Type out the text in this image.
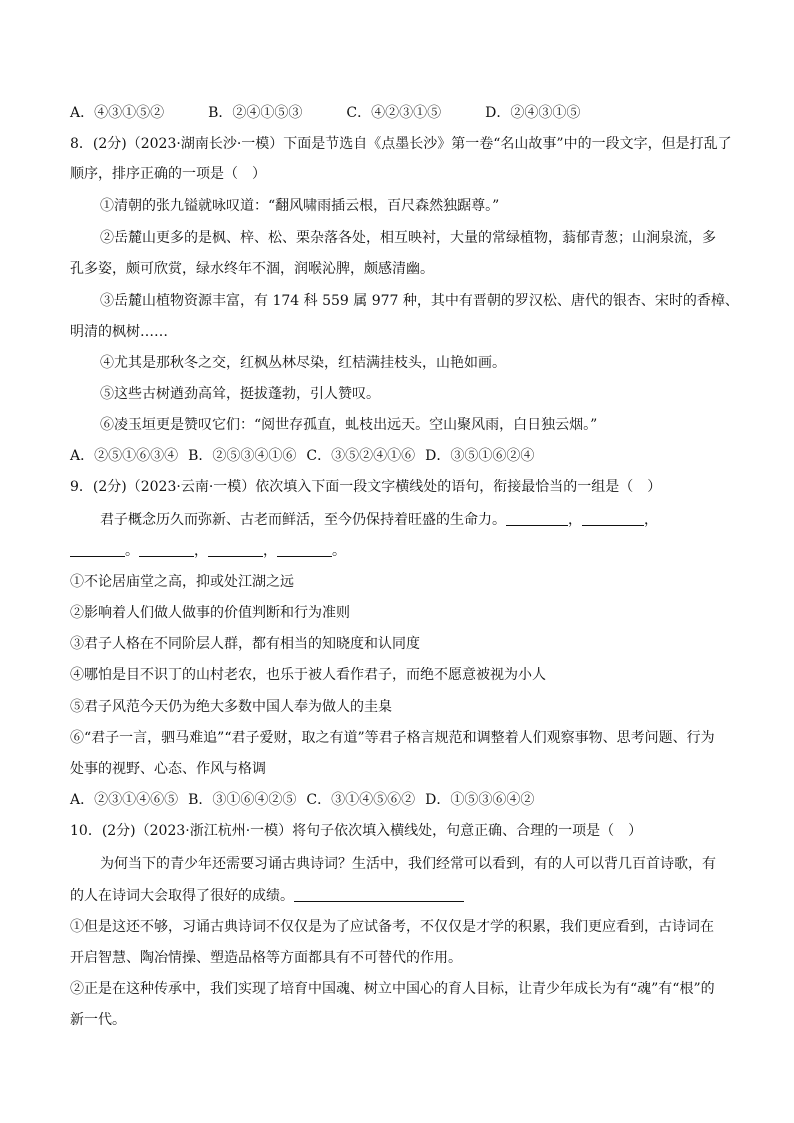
A．④③①⑤②	B．②④①⑤③	C．④②③①⑤	D．②④③①⑤
8．(2分)（2023·湖南长沙·一模）下面是节选自《点墨长沙》第一卷“名山故事”中的一段文字，但是打乱了
顺序，排序正确的一项是（　）
①清朝的张九镒就咏叹道：“翻风啸雨插云根，百尺森然独踞尊。”
②岳麓山更多的是枫、梓、松、栗杂落各处，相互映衬，大量的常绿植物，蓊郁青葱；山涧泉流，多
孔多姿，颇可欣赏，绿水终年不涸，润喉沁脾，颇感清幽。
③岳麓山植物资源丰富，有 174 科 559 属 977 种，其中有晋朝的罗汉松、唐代的银杏、宋时的香樟、
明清的枫树……
④尤其是那秋冬之交，红枫丛林尽染，红桔满挂枝头，山艳如画。
⑤这些古树遒劲高耸，挺拔蓬勃，引人赞叹。
⑥凌玉垣更是赞叹它们：“阅世存孤直，虬枝出远天。空山聚风雨，白日独云烟。”
A．②⑤①⑥③④ B．②⑤③④①⑥ C．③⑤②④①⑥ D．③⑤①⑥②④
9．(2分)（2023·云南·一模）依次填入下面一段文字横线处的语句，衔接最恰当的一组是（　）
君子概念历久而弥新、古老而鲜活，至今仍保持着旺盛的生命力。	，	，
。	，	，	。
①不论居庙堂之高，抑或处江湖之远
②影响着人们做人做事的价值判断和行为准则
③君子人格在不同阶层人群，都有相当的知晓度和认同度
④哪怕是目不识丁的山村老农，也乐于被人看作君子，而绝不愿意被视为小人
⑤君子风范今天仍为绝大多数中国人奉为做人的圭臬
⑥“君子一言，驷马难追”“君子爱财，取之有道”等君子格言规范和调整着人们观察事物、思考问题、行为
处事的视野、心态、作风与格调
A．②③①④⑥⑤ B．③①⑥④②⑤ C．③①④⑤⑥② D．①⑤③⑥④②
10．(2分)（2023·浙江杭州·一模）将句子依次填入横线处，句意正确、合理的一项是（　）
为何当下的青少年还需要习诵古典诗词？生活中，我们经常可以看到，有的人可以背几百首诗歌，有
的人在诗词大会取得了很好的成绩。
①但是这还不够，习诵古典诗词不仅仅是为了应试备考，不仅仅是才学的积累，我们更应看到，古诗词在
开启智慧、陶冶情操、塑造品格等方面都具有不可替代的作用。
②正是在这种传承中，我们实现了培育中国魂、树立中国心的育人目标，让青少年成长为有“魂”有“根”的
新一代。
